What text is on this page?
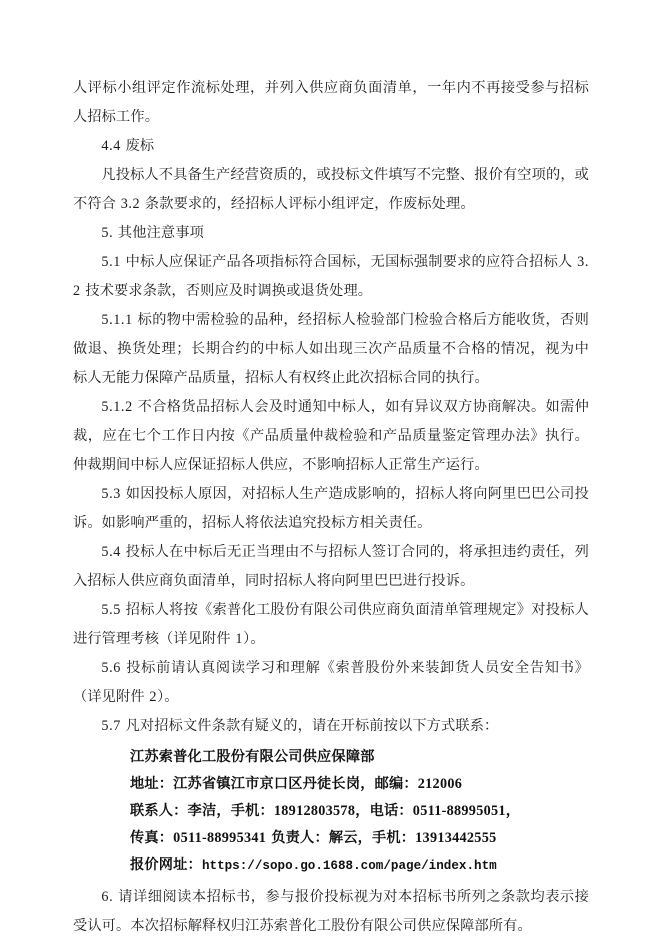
人评标小组评定作流标处理，并列入供应商负面清单，一年内不再接受参与招标人招标工作。

4.4 废标

凡投标人不具备生产经营资质的，或投标文件填写不完整、报价有空项的，或不符合 3.2 条款要求的，经招标人评标小组评定，作废标处理。

5. 其他注意事项

5.1 中标人应保证产品各项指标符合国标，无国标强制要求的应符合招标人 3.2 技术要求条款，否则应及时调换或退货处理。

5.1.1 标的物中需检验的品种，经招标人检验部门检验合格后方能收货，否则做退、换货处理；长期合约的中标人如出现三次产品质量不合格的情况，视为中标人无能力保障产品质量，招标人有权终止此次招标合同的执行。

5.1.2 不合格货品招标人会及时通知中标人，如有异议双方协商解决。如需仲裁，应在七个工作日内按《产品质量仲裁检验和产品质量鉴定管理办法》执行。仲裁期间中标人应保证招标人供应，不影响招标人正常生产运行。

5.3 如因投标人原因，对招标人生产造成影响的，招标人将向阿里巴巴公司投诉。如影响严重的，招标人将依法追究投标方相关责任。

5.4 投标人在中标后无正当理由不与招标人签订合同的，将承担违约责任，列入招标人供应商负面清单，同时招标人将向阿里巴巴进行投诉。

5.5 招标人将按《索普化工股份有限公司供应商负面清单管理规定》对投标人进行管理考核（详见附件 1）。

5.6 投标前请认真阅读学习和理解《索普股份外来装卸货人员安全告知书》（详见附件 2）。

5.7 凡对招标文件条款有疑义的，请在开标前按以下方式联系：

江苏索普化工股份有限公司供应保障部
地址：江苏省镇江市京口区丹徒长岗，邮编：212006
联系人：李洁，手机：18912803578，电话：0511-88995051，
传真：0511-88995341 负责人：解云，手机：13913442555
报价网址：https://sopo.go.1688.com/page/index.htm

6. 请详细阅读本招标书，参与报价投标视为对本招标书所列之条款均表示接受认可。本次招标解释权归江苏索普化工股份有限公司供应保障部所有。
